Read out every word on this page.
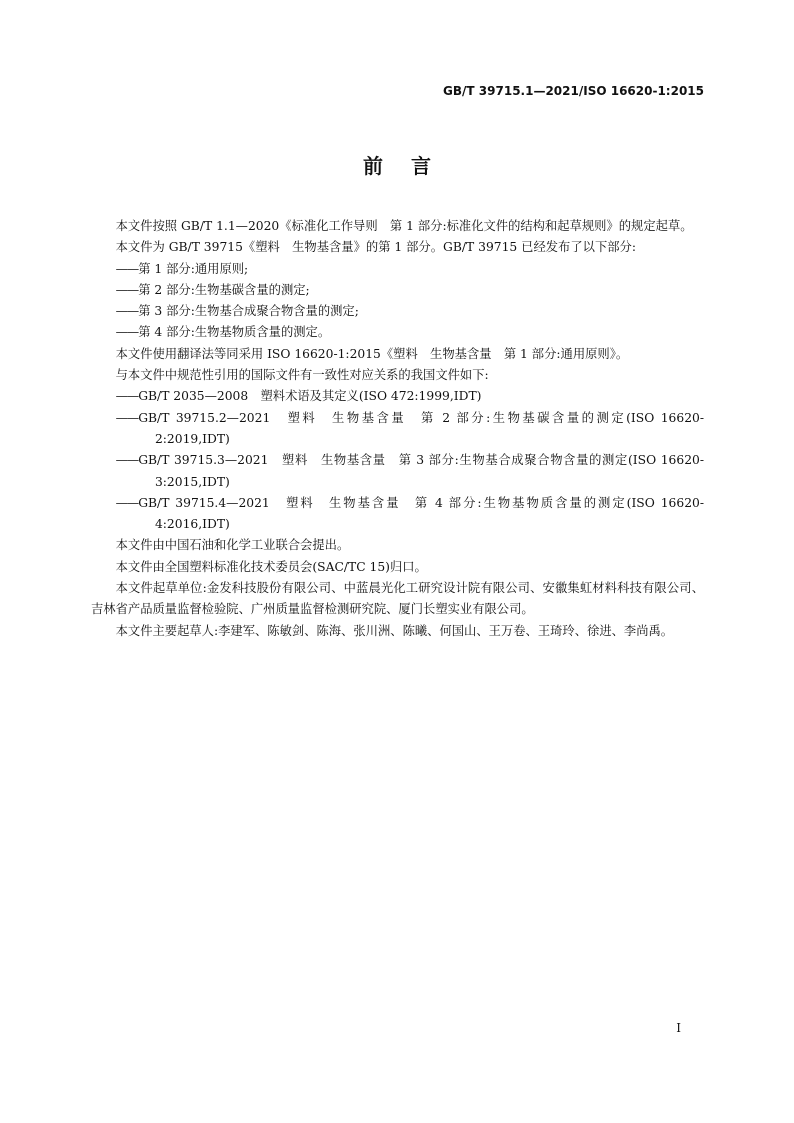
GB/T 39715.1—2021/ISO 16620-1:2015
前言

本文件按照 GB/T 1.1—2020《标准化工作导则　第 1 部分:标准化文件的结构和起草规则》的规定起草。

本文件为 GB/T 39715《塑料　生物基含量》的第 1 部分。GB/T 39715 已经发布了以下部分:

——第 1 部分:通用原则;

——第 2 部分:生物基碳含量的测定;

——第 3 部分:生物基合成聚合物含量的测定;

——第 4 部分:生物基物质含量的测定。

本文件使用翻译法等同采用 ISO 16620-1:2015《塑料　生物基含量　第 1 部分:通用原则》。

与本文件中规范性引用的国际文件有一致性对应关系的我国文件如下:

——GB/T 2035—2008　塑料术语及其定义(ISO 472:1999,IDT)

——GB/T 39715.2—2021　塑料　生物基含量　第 2 部分:生物基碳含量的测定(ISO 16620-2:2019,IDT)

——GB/T 39715.3—2021　塑料　生物基含量　第 3 部分:生物基合成聚合物含量的测定(ISO 16620-3:2015,IDT)

——GB/T 39715.4—2021　塑料　生物基含量　第 4 部分:生物基物质含量的测定(ISO 16620-4:2016,IDT)

本文件由中国石油和化学工业联合会提出。

本文件由全国塑料标准化技术委员会(SAC/TC 15)归口。

本文件起草单位:金发科技股份有限公司、中蓝晨光化工研究设计院有限公司、安徽集虹材料科技有限公司、吉林省产品质量监督检验院、广州质量监督检测研究院、厦门长塑实业有限公司。

本文件主要起草人:李建军、陈敏剑、陈海、张川洲、陈曦、何国山、王万卷、王琦玲、徐进、李尚禹。

I
